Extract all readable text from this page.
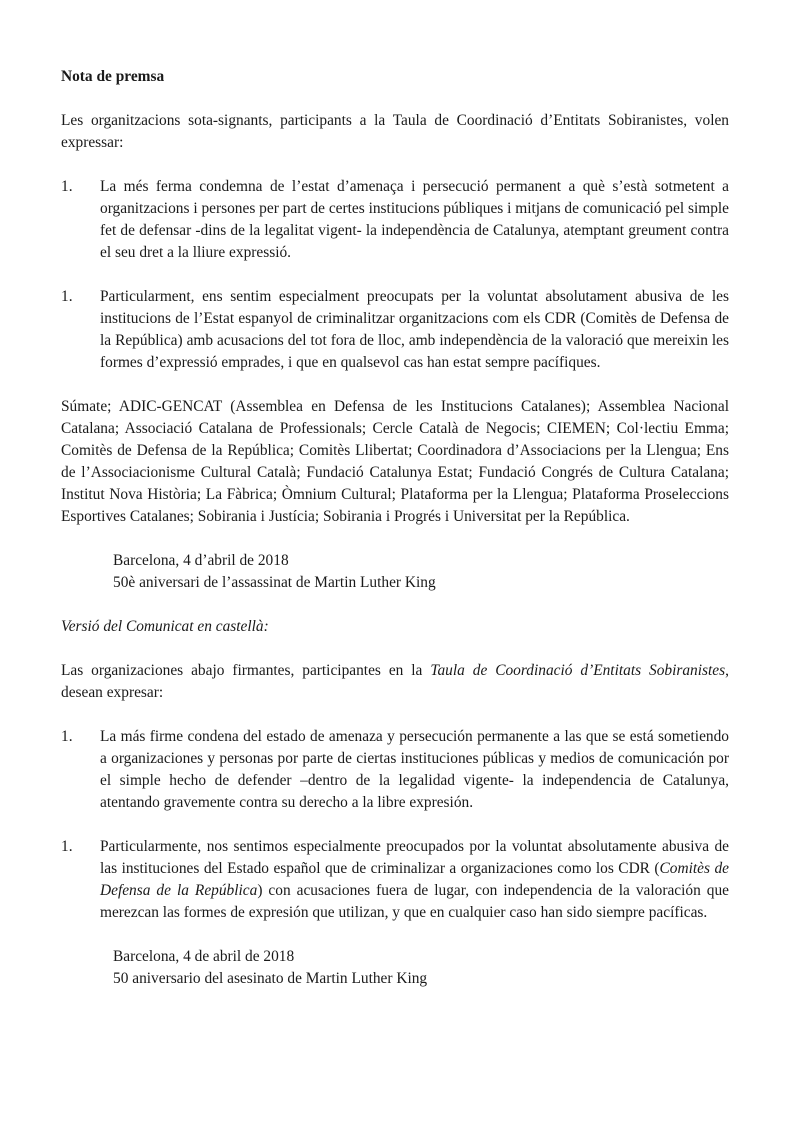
Nota de premsa

Les organitzacions sota-signants, participants a la Taula de Coordinació d’Entitats Sobiranistes, volen expressar:

1.	La més ferma condemna de l’estat d’amenaça i persecució permanent a què s’està sotmetent a organitzacions i persones per part de certes institucions públiques i mitjans de comunicació pel simple fet de defensar -dins de la legalitat vigent- la independència de Catalunya, atemptant greument contra el seu dret a la lliure expressió.
1.	Particularment, ens sentim especialment preocupats per la voluntat absolutament abusiva de les institucions de l’Estat espanyol de criminalitzar organitzacions com els CDR (Comitès de Defensa de la República) amb acusacions del tot fora de lloc, amb independència de la valoració que mereixin les formes d’expressió emprades, i que en qualsevol cas han estat sempre pacífiques.

Súmate; ADIC-GENCAT (Assemblea en Defensa de les Institucions Catalanes); Assemblea Nacional Catalana; Associació Catalana de Professionals; Cercle Català de Negocis; CIEMEN; Col·lectiu Emma; Comitès de Defensa de la República; Comitès Llibertat; Coordinadora d’Associacions per la Llengua; Ens de l’Associacionisme Cultural Català; Fundació Catalunya Estat; Fundació Congrés de Cultura Catalana; Institut Nova Història; La Fàbrica; Òmnium Cultural; Plataforma per la Llengua; Plataforma Proseleccions Esportives Catalanes; Sobirania i Justícia; Sobirania i Progrés i Universitat per la República.

Barcelona, 4 d’abril de 2018

50è aniversari de l’assassinat de Martin Luther King

Versió del Comunicat en castellà:

Las organizaciones abajo firmantes, participantes en la Taula de Coordinació d’Entitats Sobiranistes, desean expresar:

1.	La más firme condena del estado de amenaza y persecución permanente a las que se está sometiendo a organizaciones y personas por parte de ciertas instituciones públicas y medios de comunicación por el simple hecho de defender –dentro de la legalidad vigente- la independencia de Catalunya, atentando gravemente contra su derecho a la libre expresión.
1.	Particularmente, nos sentimos especialmente preocupados por la voluntat absolutamente abusiva de las instituciones del Estado español que de criminalizar a organizaciones como los CDR (Comitès de Defensa de la República) con acusaciones fuera de lugar, con independencia de la valoración que merezcan las formes de expresión que utilizan, y que en cualquier caso han sido siempre pacíficas.

Barcelona, 4 de abril de 2018

50 aniversario del asesinato de Martin Luther King
